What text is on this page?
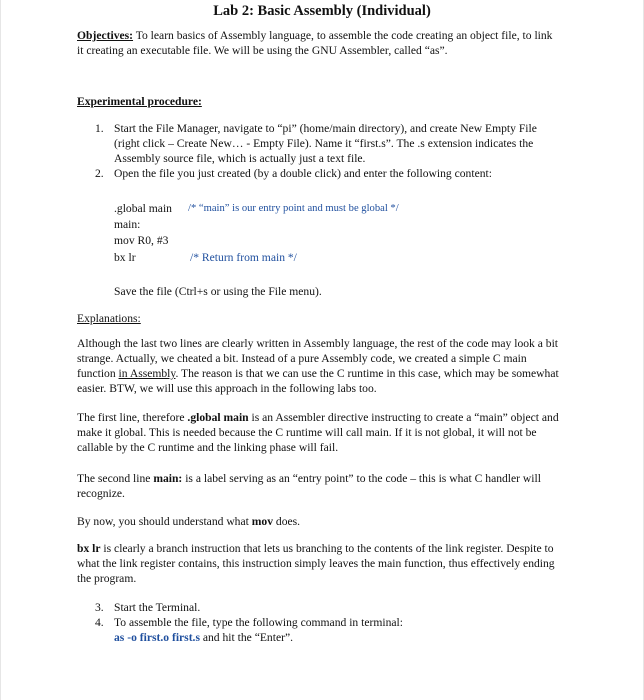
Lab 2: Basic Assembly (Individual)
Objectives: To learn basics of Assembly language, to assemble the code creating an object file, to link it creating an executable file. We will be using the GNU Assembler, called “as”.
Experimental procedure:
1. Start the File Manager, navigate to “pi” (home/main directory), and create New Empty File (right click – Create New… - Empty File). Name it “first.s”. The .s extension indicates the Assembly source file, which is actually just a text file.
2. Open the file you just created (by a double click) and enter the following content:
.global main /* “main” is our entry point and must be global */
main:
mov R0, #3
bx lr	/* Return from main */
Save the file (Ctrl+s or using the File menu).
Explanations:
Although the last two lines are clearly written in Assembly language, the rest of the code may look a bit strange. Actually, we cheated a bit. Instead of a pure Assembly code, we created a simple C main function in Assembly. The reason is that we can use the C runtime in this case, which may be somewhat easier. BTW, we will use this approach in the following labs too.
The first line, therefore .global main is an Assembler directive instructing to create a “main” object and make it global. This is needed because the C runtime will call main. If it is not global, it will not be callable by the C runtime and the linking phase will fail.
The second line main: is a label serving as an “entry point” to the code – this is what C handler will recognize.
By now, you should understand what mov does.
bx lr is clearly a branch instruction that lets us branching to the contents of the link register. Despite to what the link register contains, this instruction simply leaves the main function, thus effectively ending the program.
3. Start the Terminal.
4. To assemble the file, type the following command in terminal:
as -o first.o first.s and hit the “Enter”.
